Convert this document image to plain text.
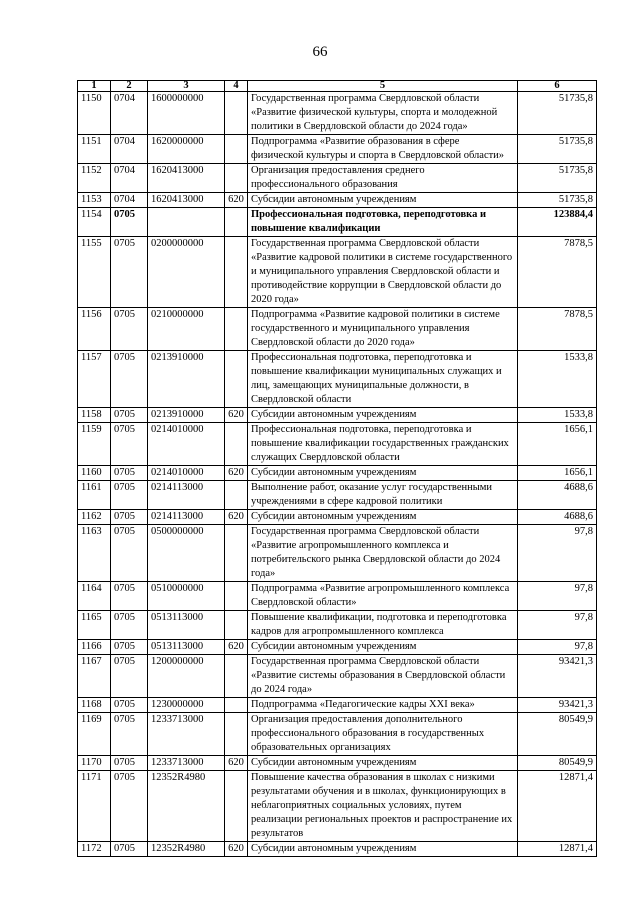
66
1	2	3	4	5	6
1150	0704	1600000000		Государственная программа Свердловской области «Развитие физической культуры, спорта и молодежной политики в Свердловской области до 2024 года»	51735,8
1151	0704	1620000000		Подпрограмма «Развитие образования в сфере физической культуры и спорта в Свердловской области»	51735,8
1152	0704	1620413000		Организация предоставления среднего профессионального образования	51735,8
1153	0704	1620413000	620	Субсидии автономным учреждениям	51735,8
1154	0705			Профессиональная подготовка, переподготовка и повышение квалификации	123884,4
1155	0705	0200000000		Государственная программа Свердловской области «Развитие кадровой политики в системе государственного и муниципального управления Свердловской области и противодействие коррупции в Свердловской области до 2020 года»	7878,5
1156	0705	0210000000		Подпрограмма «Развитие кадровой политики в системе государственного и муниципального управления Свердловской области до 2020 года»	7878,5
1157	0705	0213910000		Профессиональная подготовка, переподготовка и повышение квалификации муниципальных служащих и лиц, замещающих муниципальные должности, в Свердловской области	1533,8
1158	0705	0213910000	620	Субсидии автономным учреждениям	1533,8
1159	0705	0214010000		Профессиональная подготовка, переподготовка и повышение квалификации государственных гражданских служащих Свердловской области	1656,1
1160	0705	0214010000	620	Субсидии автономным учреждениям	1656,1
1161	0705	0214113000		Выполнение работ, оказание услуг государственными учреждениями в сфере кадровой политики	4688,6
1162	0705	0214113000	620	Субсидии автономным учреждениям	4688,6
1163	0705	0500000000		Государственная программа Свердловской области «Развитие агропромышленного комплекса и потребительского рынка Свердловской области до 2024 года»	97,8
1164	0705	0510000000		Подпрограмма «Развитие агропромышленного комплекса Свердловской области»	97,8
1165	0705	0513113000		Повышение квалификации, подготовка и переподготовка кадров для агропромышленного комплекса	97,8
1166	0705	0513113000	620	Субсидии автономным учреждениям	97,8
1167	0705	1200000000		Государственная программа Свердловской области «Развитие системы образования в Свердловской области до 2024 года»	93421,3
1168	0705	1230000000		Подпрограмма «Педагогические кадры XXI века»	93421,3
1169	0705	1233713000		Организация предоставления дополнительного профессионального образования в государственных образовательных организациях	80549,9
1170	0705	1233713000	620	Субсидии автономным учреждениям	80549,9
1171	0705	12352R4980		Повышение качества образования в школах с низкими результатами обучения и в школах, функционирующих в неблагоприятных социальных условиях, путем реализации региональных проектов и распространение их результатов	12871,4
1172	0705	12352R4980	620	Субсидии автономным учреждениям	12871,4
